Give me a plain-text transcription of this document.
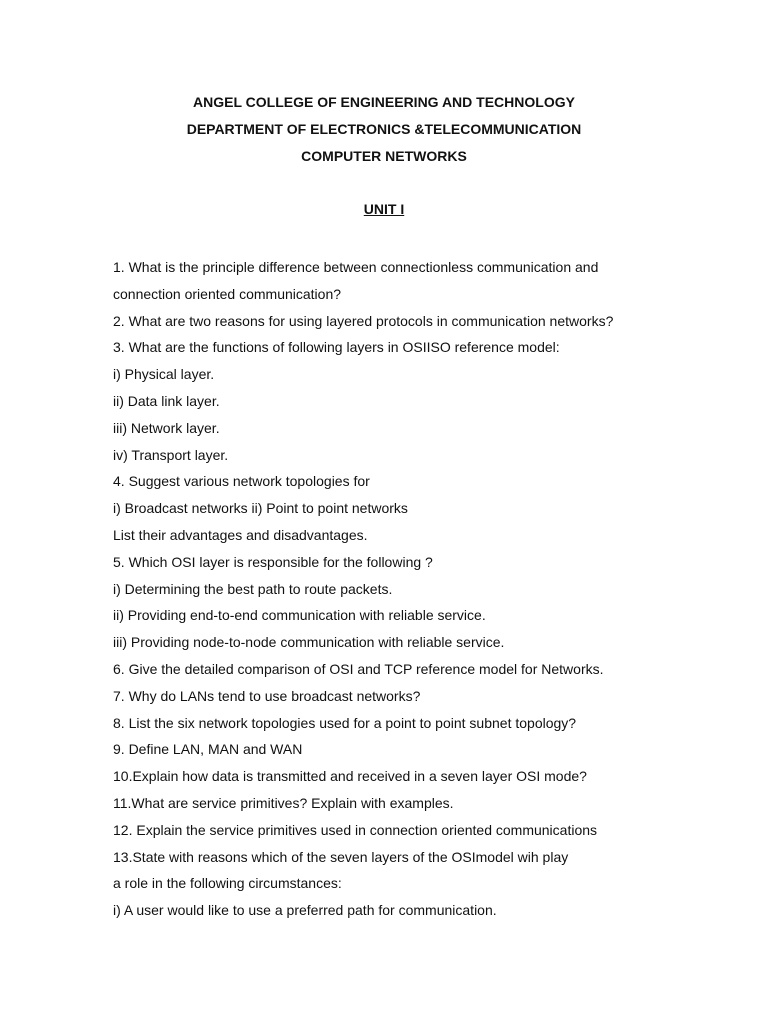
ANGEL COLLEGE OF ENGINEERING AND TECHNOLOGY
DEPARTMENT OF ELECTRONICS &TELECOMMUNICATION
COMPUTER NETWORKS
UNIT I
1. What is the principle difference between connectionless communication and
connection oriented communication?
2. What are two reasons for using layered protocols in communication networks?
3. What are the functions of following layers in OSIISO reference model:
i) Physical layer.
ii) Data link layer.
iii) Network layer.
iv) Transport layer.
4. Suggest various network topologies for
i) Broadcast networks ii) Point to point networks
List their advantages and disadvantages.
5. Which OSI layer is responsible for the following ?
i) Determining the best path to route packets.
ii) Providing end-to-end communication with reliable service.
iii) Providing node-to-node communication with reliable service.
6. Give the detailed comparison of OSI and TCP reference model for Networks.
7. Why do LANs tend to use broadcast networks?
8. List the six network topologies used for a point to point subnet topology?
9. Define LAN, MAN and WAN
10.Explain how data is transmitted and received in a seven layer OSI mode?
11.What are service primitives? Explain with examples.
12. Explain the service primitives used in connection oriented communications
13.State with reasons which of the seven layers of the OSImodel wih play
a role in the following circumstances:
i) A user would like to use a preferred path for communication.
